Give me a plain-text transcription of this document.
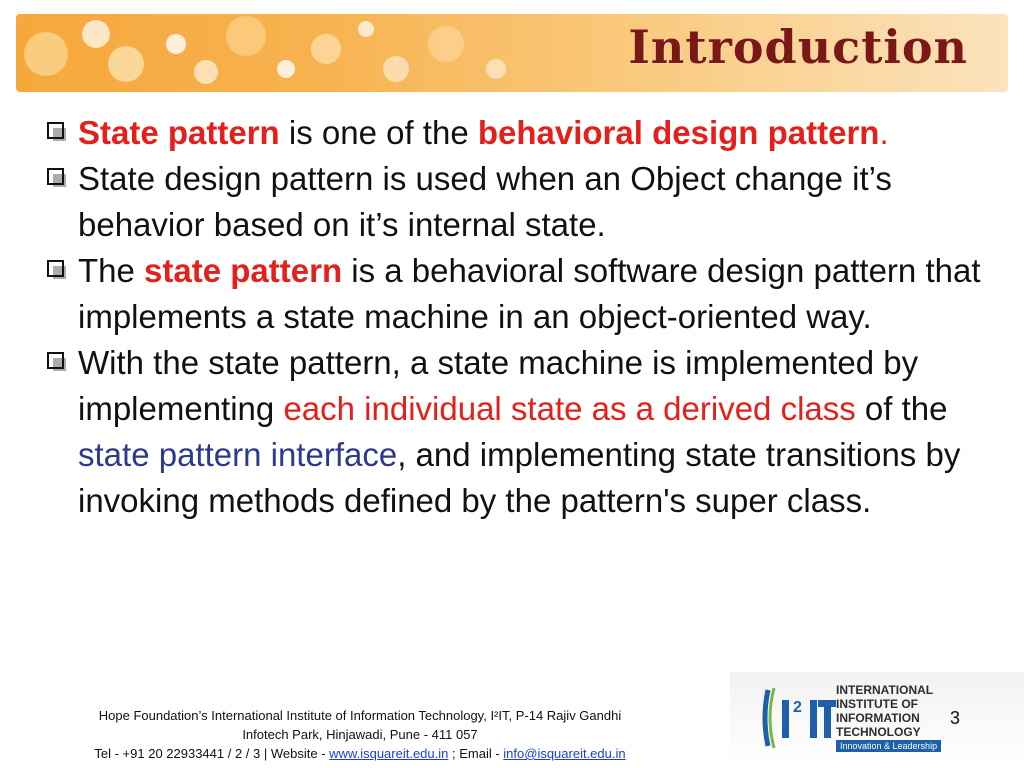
Introduction
State pattern is one of the behavioral design pattern.
State design pattern is used when an Object change it’s behavior based on it’s internal state.
The state pattern is a behavioral software design pattern that implements a state machine in an object-oriented way.
With the state pattern, a state machine is implemented by implementing each individual state as a derived class of the state pattern interface, and implementing state transitions by invoking methods defined by the pattern's super class.
Hope Foundation’s International Institute of Information Technology, I²IT, P-14 Rajiv Gandhi
Infotech Park, Hinjawadi, Pune - 411 057
Tel - +91 20 22933441 / 2 / 3 | Website - www.isquareit.edu.in ; Email - info@isquareit.edu.in
2
INTERNATIONAL
INSTITUTE OF
INFORMATION
TECHNOLOGY
Innovation & Leadership
3
